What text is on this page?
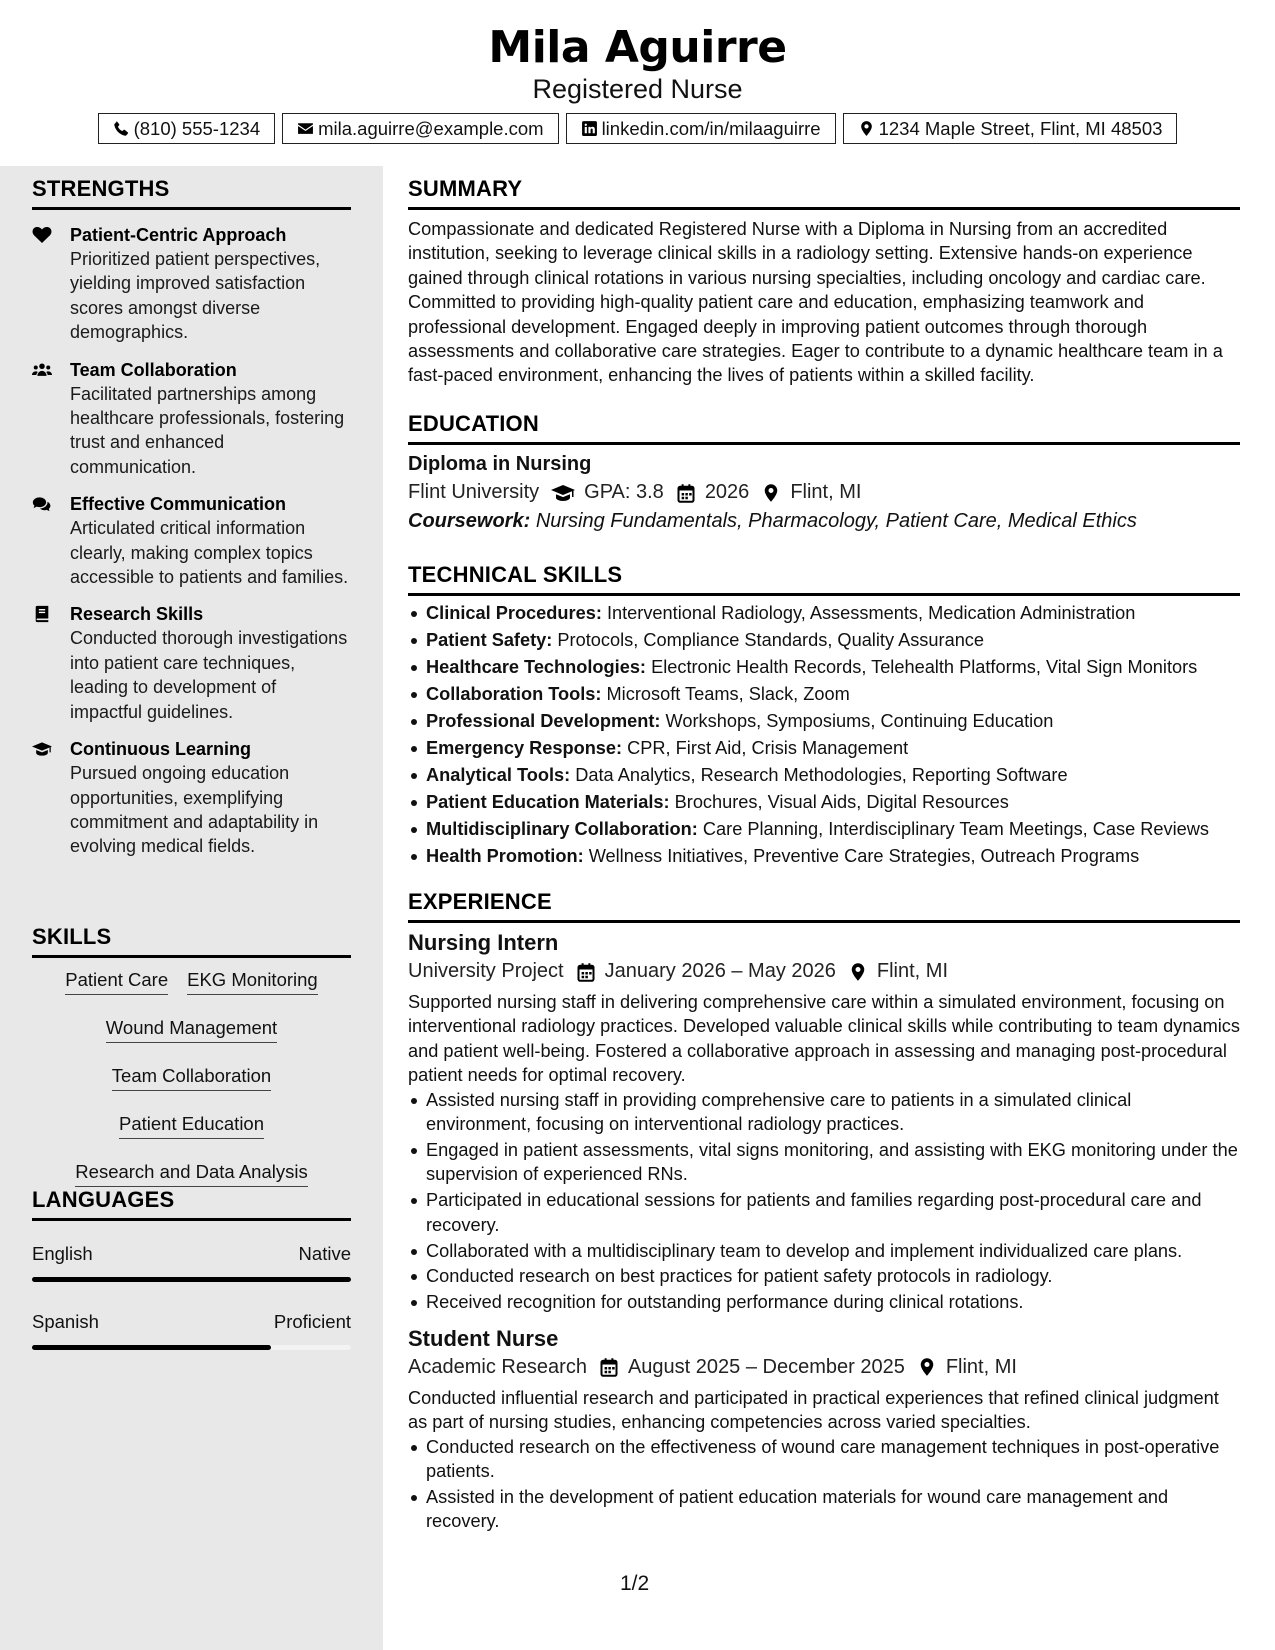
Mila Aguirre
Registered Nurse
(810) 555-1234	mila.aguirre@example.com	linkedin.com/in/milaaguirre	1234 Maple Street, Flint, MI 48503
STRENGTHS
Patient-Centric Approach
Prioritized patient perspectives, yielding improved satisfaction scores amongst diverse demographics.
Team Collaboration
Facilitated partnerships among healthcare professionals, fostering trust and enhanced communication.
Effective Communication
Articulated critical information clearly, making complex topics accessible to patients and families.
Research Skills
Conducted thorough investigations into patient care techniques, leading to development of impactful guidelines.
Continuous Learning
Pursued ongoing education opportunities, exemplifying commitment and adaptability in evolving medical fields.
SKILLS
Patient Care EKG Monitoring
Wound Management
Team Collaboration
Patient Education
Research and Data Analysis
LANGUAGES
English	Native
Spanish	Proficient
SUMMARY
Compassionate and dedicated Registered Nurse with a Diploma in Nursing from an accredited institution, seeking to leverage clinical skills in a radiology setting. Extensive hands-on experience gained through clinical rotations in various nursing specialties, including oncology and cardiac care. Committed to providing high-quality patient care and education, emphasizing teamwork and professional development. Engaged deeply in improving patient outcomes through thorough assessments and collaborative care strategies. Eager to contribute to a dynamic healthcare team in a fast-paced environment, enhancing the lives of patients within a skilled facility.
EDUCATION
Diploma in Nursing
Flint University GPA: 3.8 2026 Flint, MI
Coursework: Nursing Fundamentals, Pharmacology, Patient Care, Medical Ethics
TECHNICAL SKILLS
Clinical Procedures: Interventional Radiology, Assessments, Medication Administration
Patient Safety: Protocols, Compliance Standards, Quality Assurance
Healthcare Technologies: Electronic Health Records, Telehealth Platforms, Vital Sign Monitors
Collaboration Tools: Microsoft Teams, Slack, Zoom
Professional Development: Workshops, Symposiums, Continuing Education
Emergency Response: CPR, First Aid, Crisis Management
Analytical Tools: Data Analytics, Research Methodologies, Reporting Software
Patient Education Materials: Brochures, Visual Aids, Digital Resources
Multidisciplinary Collaboration: Care Planning, Interdisciplinary Team Meetings, Case Reviews
Health Promotion: Wellness Initiatives, Preventive Care Strategies, Outreach Programs
EXPERIENCE
Nursing Intern
University Project January 2026 – May 2026 Flint, MI
Supported nursing staff in delivering comprehensive care within a simulated environment, focusing on interventional radiology practices. Developed valuable clinical skills while contributing to team dynamics and patient well-being. Fostered a collaborative approach in assessing and managing post-procedural patient needs for optimal recovery.
Assisted nursing staff in providing comprehensive care to patients in a simulated clinical environment, focusing on interventional radiology practices.
Engaged in patient assessments, vital signs monitoring, and assisting with EKG monitoring under the supervision of experienced RNs.
Participated in educational sessions for patients and families regarding post-procedural care and recovery.
Collaborated with a multidisciplinary team to develop and implement individualized care plans.
Conducted research on best practices for patient safety protocols in radiology.
Received recognition for outstanding performance during clinical rotations.
Student Nurse
Academic Research August 2025 – December 2025 Flint, MI
Conducted influential research and participated in practical experiences that refined clinical judgment as part of nursing studies, enhancing competencies across varied specialties.
Conducted research on the effectiveness of wound care management techniques in post-operative patients.
Assisted in the development of patient education materials for wound care management and recovery.
1/2
